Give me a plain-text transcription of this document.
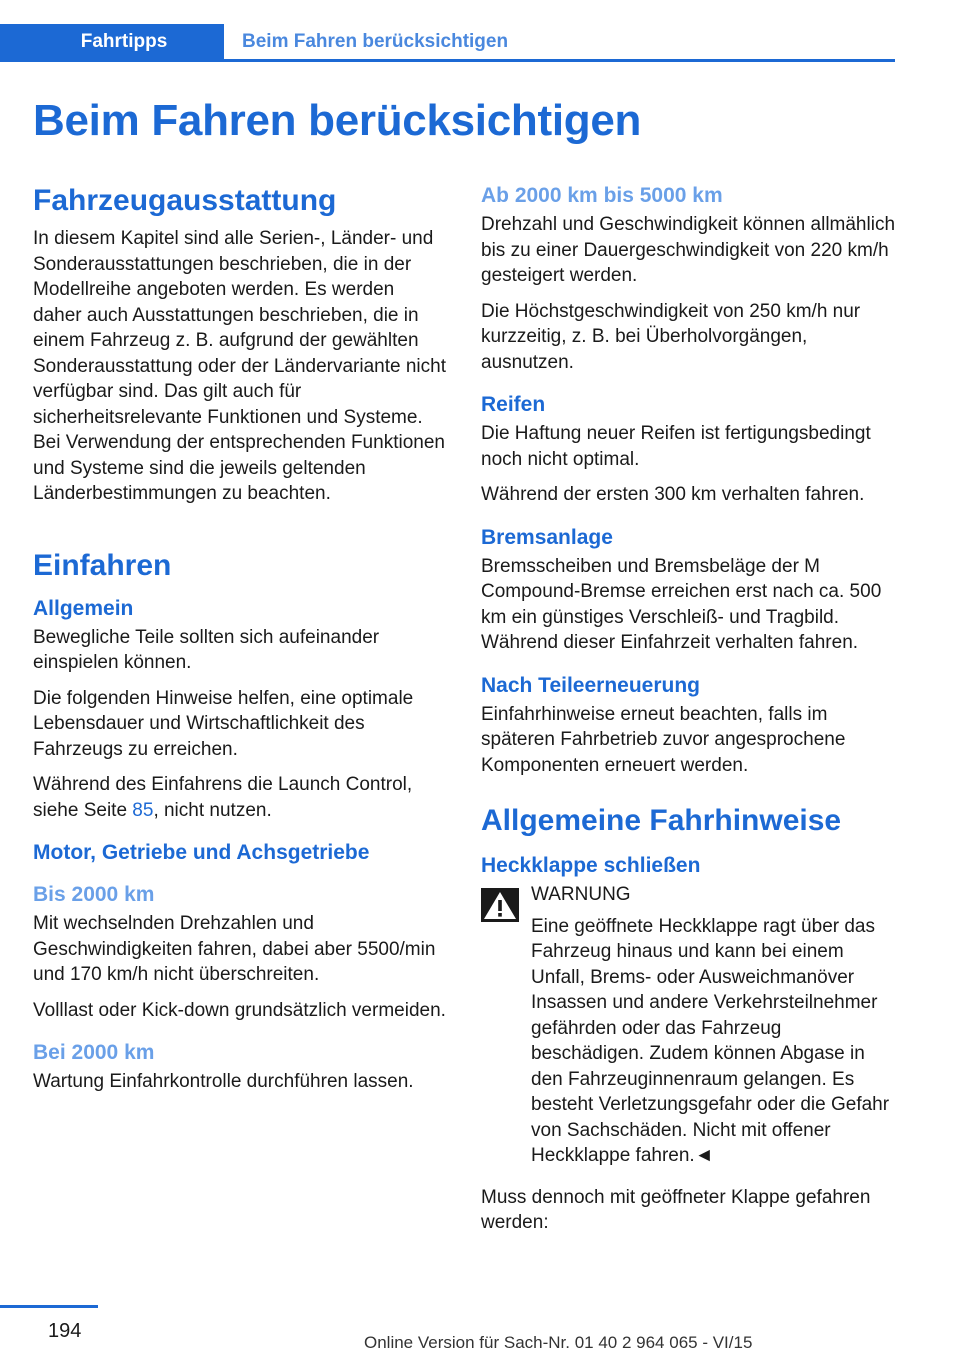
Fahrtipps	Beim Fahren berücksichtigen
Beim Fahren berücksichtigen
Fahrzeugausstattung

In diesem Kapitel sind alle Serien-, Länder- und Sonderausstattungen beschrieben, die in der Modellreihe angeboten werden. Es werden daher auch Ausstattungen beschrieben, die in einem Fahrzeug z. B. aufgrund der gewählten Sonderausstattung oder der Ländervariante nicht verfügbar sind. Das gilt auch für sicherheitsrelevante Funktionen und Systeme. Bei Verwendung der entsprechenden Funktionen und Systeme sind die jeweils geltenden Länderbestimmungen zu beachten.

Einfahren
Allgemein

Bewegliche Teile sollten sich aufeinander einspielen können.

Die folgenden Hinweise helfen, eine optimale Lebensdauer und Wirtschaftlichkeit des Fahrzeugs zu erreichen.

Während des Einfahrens die Launch Control, siehe Seite 85, nicht nutzen.

Motor, Getriebe und Achsgetriebe
Bis 2000 km

Mit wechselnden Drehzahlen und Geschwindigkeiten fahren, dabei aber 5500/min und 170 km/h nicht überschreiten.

Volllast oder Kick-down grundsätzlich vermeiden.

Bei 2000 km

Wartung Einfahrkontrolle durchführen lassen.

Ab 2000 km bis 5000 km

Drehzahl und Geschwindigkeit können allmählich bis zu einer Dauergeschwindigkeit von 220 km/h gesteigert werden.

Die Höchstgeschwindigkeit von 250 km/h nur kurzzeitig, z. B. bei Überholvorgängen, ausnutzen.

Reifen

Die Haftung neuer Reifen ist fertigungsbedingt noch nicht optimal.

Während der ersten 300 km verhalten fahren.

Bremsanlage

Bremsscheiben und Bremsbeläge der M Compound-Bremse erreichen erst nach ca. 500 km ein günstiges Verschleiß- und Tragbild. Während dieser Einfahrzeit verhalten fahren.

Nach Teileerneuerung

Einfahrhinweise erneut beachten, falls im späteren Fahrbetrieb zuvor angesprochene Komponenten erneuert werden.

Allgemeine Fahrhinweise
Heckklappe schließen

WARNUNG

Eine geöffnete Heckklappe ragt über das Fahrzeug hinaus und kann bei einem Unfall, Brems- oder Ausweichmanöver Insassen und andere Verkehrsteilnehmer gefährden oder das Fahrzeug beschädigen. Zudem können Abgase in den Fahrzeuginnenraum gelangen. Es besteht Verletzungsgefahr oder die Gefahr von Sachschäden. Nicht mit offener Heckklappe fahren.◄

Muss dennoch mit geöffneter Klappe gefahren werden:

194
Online Version für Sach-Nr. 01 40 2 964 065 - VI/15
